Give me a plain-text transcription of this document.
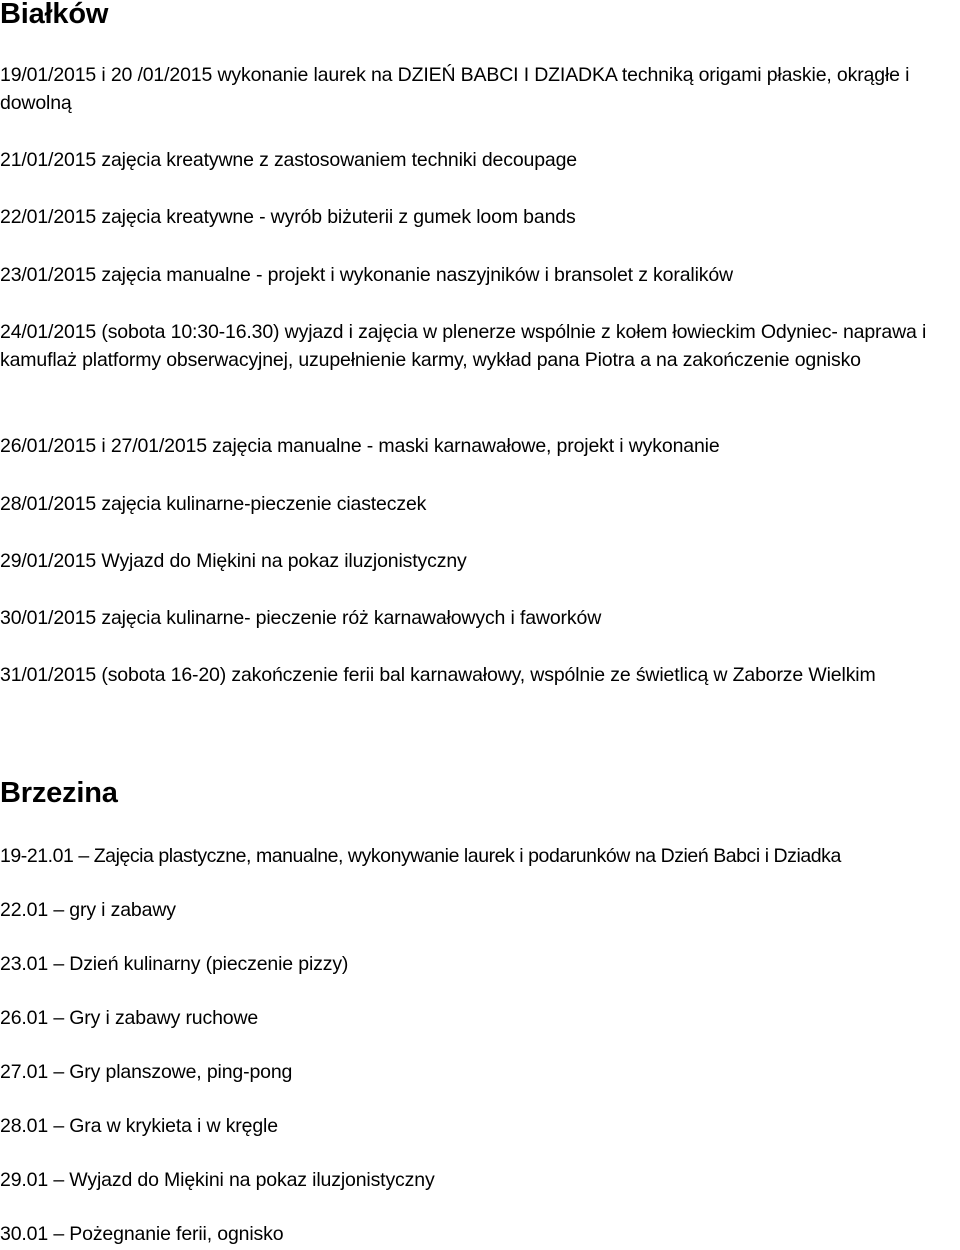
Białków

19/01/2015 i 20 /01/2015 wykonanie laurek na DZIEŃ BABCI I DZIADKA techniką origami płaskie, okrągłe i dowolną

21/01/2015 zajęcia kreatywne z zastosowaniem techniki decoupage

22/01/2015 zajęcia kreatywne - wyrób biżuterii z gumek loom bands

23/01/2015 zajęcia manualne - projekt i wykonanie naszyjników i bransolet z koralików

24/01/2015 (sobota 10:30-16.30) wyjazd i zajęcia w plenerze wspólnie z kołem łowieckim Odyniec- naprawa i kamuflaż platformy obserwacyjnej, uzupełnienie karmy, wykład pana Piotra a na zakończenie ognisko

26/01/2015 i 27/01/2015 zajęcia manualne - maski karnawałowe, projekt i wykonanie

28/01/2015 zajęcia kulinarne-pieczenie ciasteczek

29/01/2015 Wyjazd do Miękini na pokaz iluzjonistyczny

30/01/2015 zajęcia kulinarne- pieczenie róż karnawałowych i faworków

31/01/2015 (sobota 16-20) zakończenie ferii bal karnawałowy, wspólnie ze świetlicą w Zaborze Wielkim

Brzezina

19-21.01 – Zajęcia plastyczne, manualne, wykonywanie laurek i podarunków na Dzień Babci i Dziadka

22.01 – gry i zabawy

23.01 – Dzień kulinarny (pieczenie pizzy)

26.01 – Gry i zabawy ruchowe

27.01 – Gry planszowe, ping-pong

28.01 – Gra w krykieta i w kręgle

29.01 – Wyjazd do Miękini na pokaz iluzjonistyczny

30.01 – Pożegnanie ferii, ognisko
